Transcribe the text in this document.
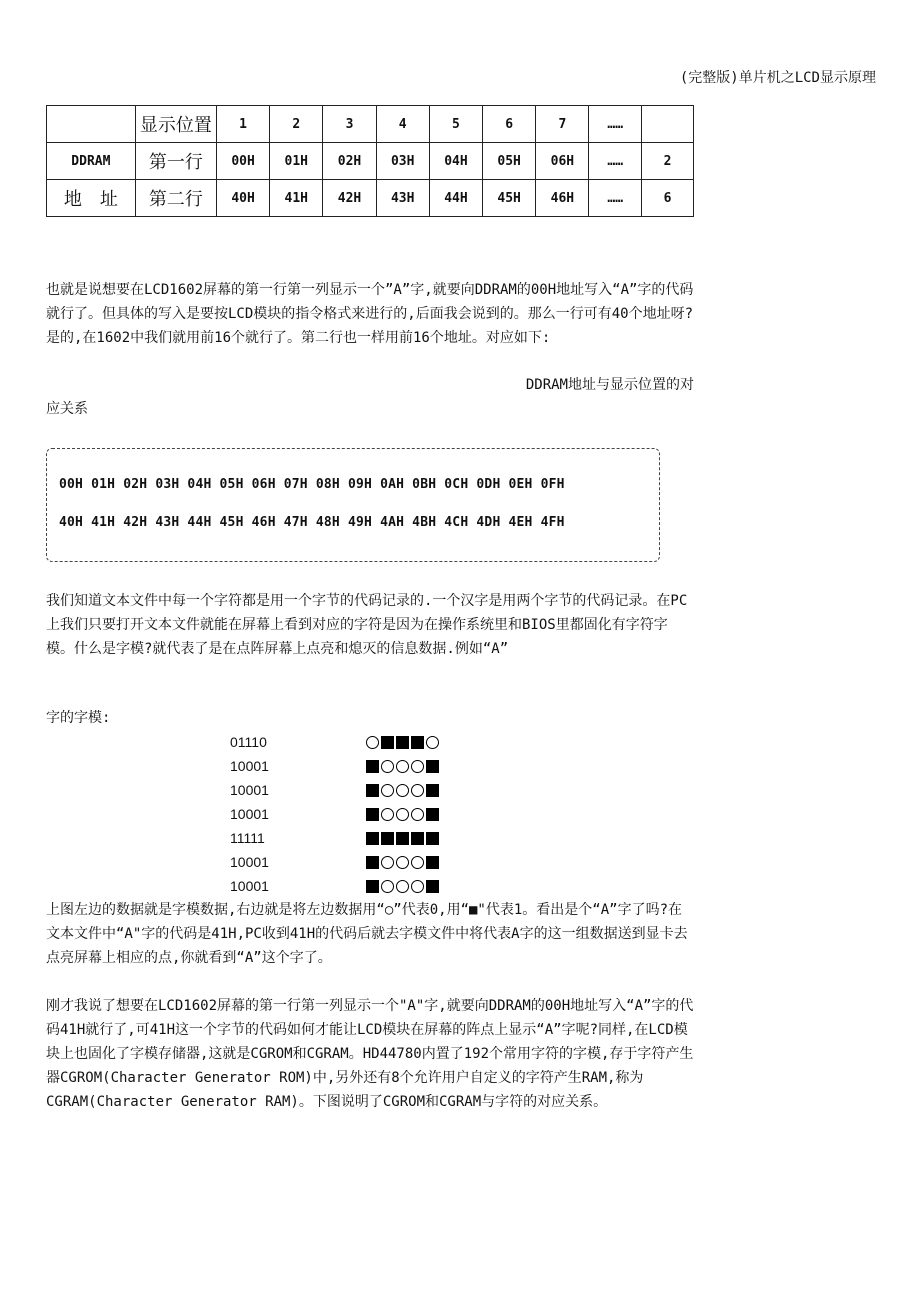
(完整版)单片机之LCD显示原理
	显示位置	1	2	3	4	5	6	7	……	
DDRAM	第一行	00H	01H	02H	03H	04H	05H	06H	……	2
地　址	第二行	40H	41H	42H	43H	44H	45H	46H	……	6

也就是说想要在LCD1602屏幕的第一行第一列显示一个”A”字,就要向DDRAM的00H地址写入“A”字的代码就行了。但具体的写入是要按LCD模块的指令格式来进行的,后面我会说到的。那么一行可有40个地址呀?是的,在1602中我们就用前16个就行了。第二行也一样用前16个地址。对应如下:

DDRAM地址与显示位置的对
应关系
00H 01H 02H 03H 04H 05H 06H 07H 08H 09H 0AH 0BH 0CH 0DH 0EH 0FH
40H 41H 42H 43H 44H 45H 46H 47H 48H 49H 4AH 4BH 4CH 4DH 4EH 4FH

我们知道文本文件中每一个字符都是用一个字节的代码记录的.一个汉字是用两个字节的代码记录。在PC上我们只要打开文本文件就能在屏幕上看到对应的字符是因为在操作系统里和BIOS里都固化有字符字模。什么是字模?就代表了是在点阵屏幕上点亮和熄灭的信息数据.例如“A”

字的字模:
01110
10001
10001
10001
11111
10001
10001

上图左边的数据就是字模数据,右边就是将左边数据用“○”代表0,用“■"代表1。看出是个“A”字了吗?在文本文件中“A"字的代码是41H,PC收到41H的代码后就去字模文件中将代表A字的这一组数据送到显卡去点亮屏幕上相应的点,你就看到“A”这个字了。

刚才我说了想要在LCD1602屏幕的第一行第一列显示一个"A"字,就要向DDRAM的00H地址写入“A”字的代码41H就行了,可41H这一个字节的代码如何才能让LCD模块在屏幕的阵点上显示“A”字呢?同样,在LCD模块上也固化了字模存储器,这就是CGROM和CGRAM。HD44780内置了192个常用字符的字模,存于字符产生器CGROM(Character Generator ROM)中,另外还有8个允许用户自定义的字符产生RAM,称为CGRAM(Character Generator RAM)。下图说明了CGROM和CGRAM与字符的对应关系。
